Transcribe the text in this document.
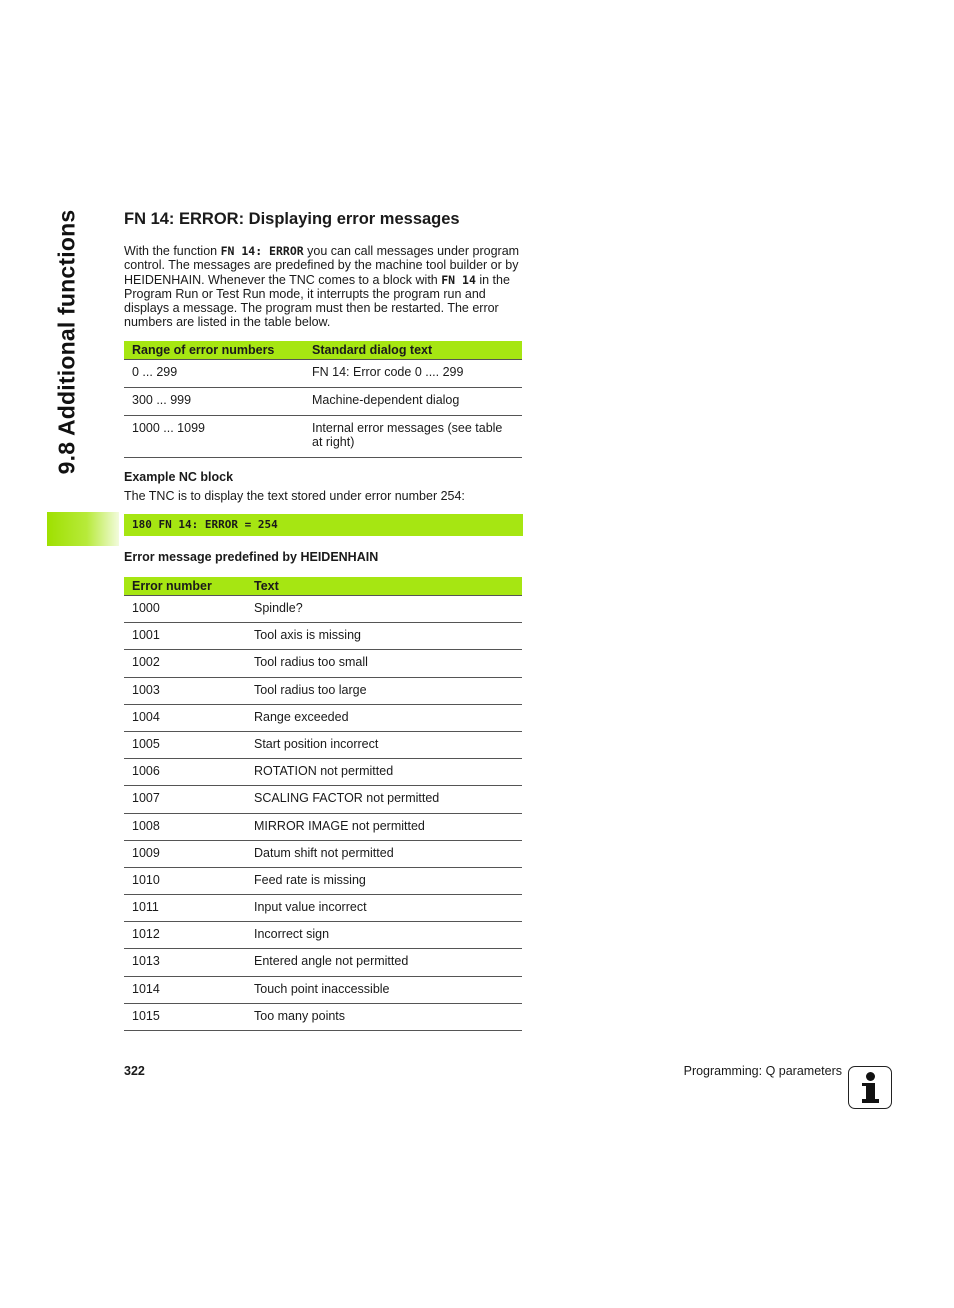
9.8 Additional functions	FN 14: ERROR: Displaying error messages

With the function FN 14: ERROR you can call messages under program control. The messages are predefined by the machine tool builder or by HEIDENHAIN. Whenever the TNC comes to a block with FN 14 in the Program Run or Test Run mode, it interrupts the program run and displays a message. The program must then be restarted. The error numbers are listed in the table below.

Range of error numbers	Standard dialog text
0 ... 299	FN 14: Error code 0 .... 299
300 ... 999	Machine-dependent dialog
1000 ... 1099	Internal error messages (see table at right)

Example NC block

The TNC is to display the text stored under error number 254:

180 FN 14: ERROR = 254

Error message predefined by HEIDENHAIN

Error number	Text
1000	Spindle?
1001	Tool axis is missing
1002	Tool radius too small
1003	Tool radius too large
1004	Range exceeded
1005	Start position incorrect
1006	ROTATION not permitted
1007	SCALING FACTOR not permitted
1008	MIRROR IMAGE not permitted
1009	Datum shift not permitted
1010	Feed rate is missing
1011	Input value incorrect
1012	Incorrect sign
1013	Entered angle not permitted
1014	Touch point inaccessible
1015	Too many points
322	Programming: Q parameters
